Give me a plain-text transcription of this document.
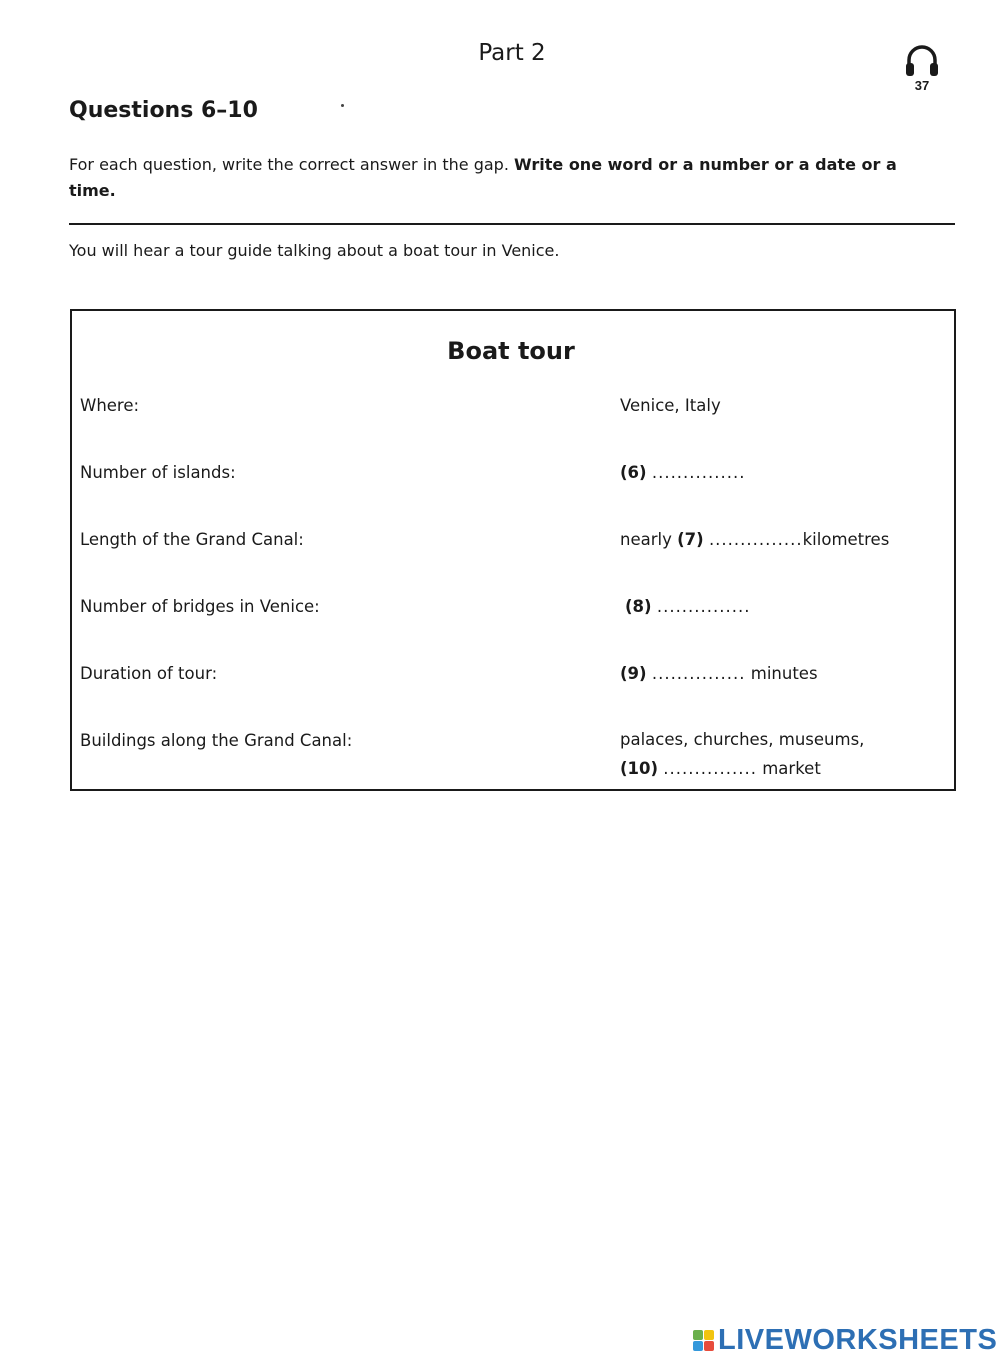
Part 2
37
Questions 6–10
For each question, write the correct answer in the gap. Write one word or a number or a date or a time.
You will hear a tour guide talking about a boat tour in Venice.
Boat tour
Where:	Venice, Italy
Number of islands:	(6) ...............
Length of the Grand Canal:	nearly (7) ...............kilometres
Number of bridges in Venice:	(8) ...............
Duration of tour:	(9) ............... minutes
Buildings along the Grand Canal:	palaces, churches, museums,
(10) ............... market
LIVEWORKSHEETS
